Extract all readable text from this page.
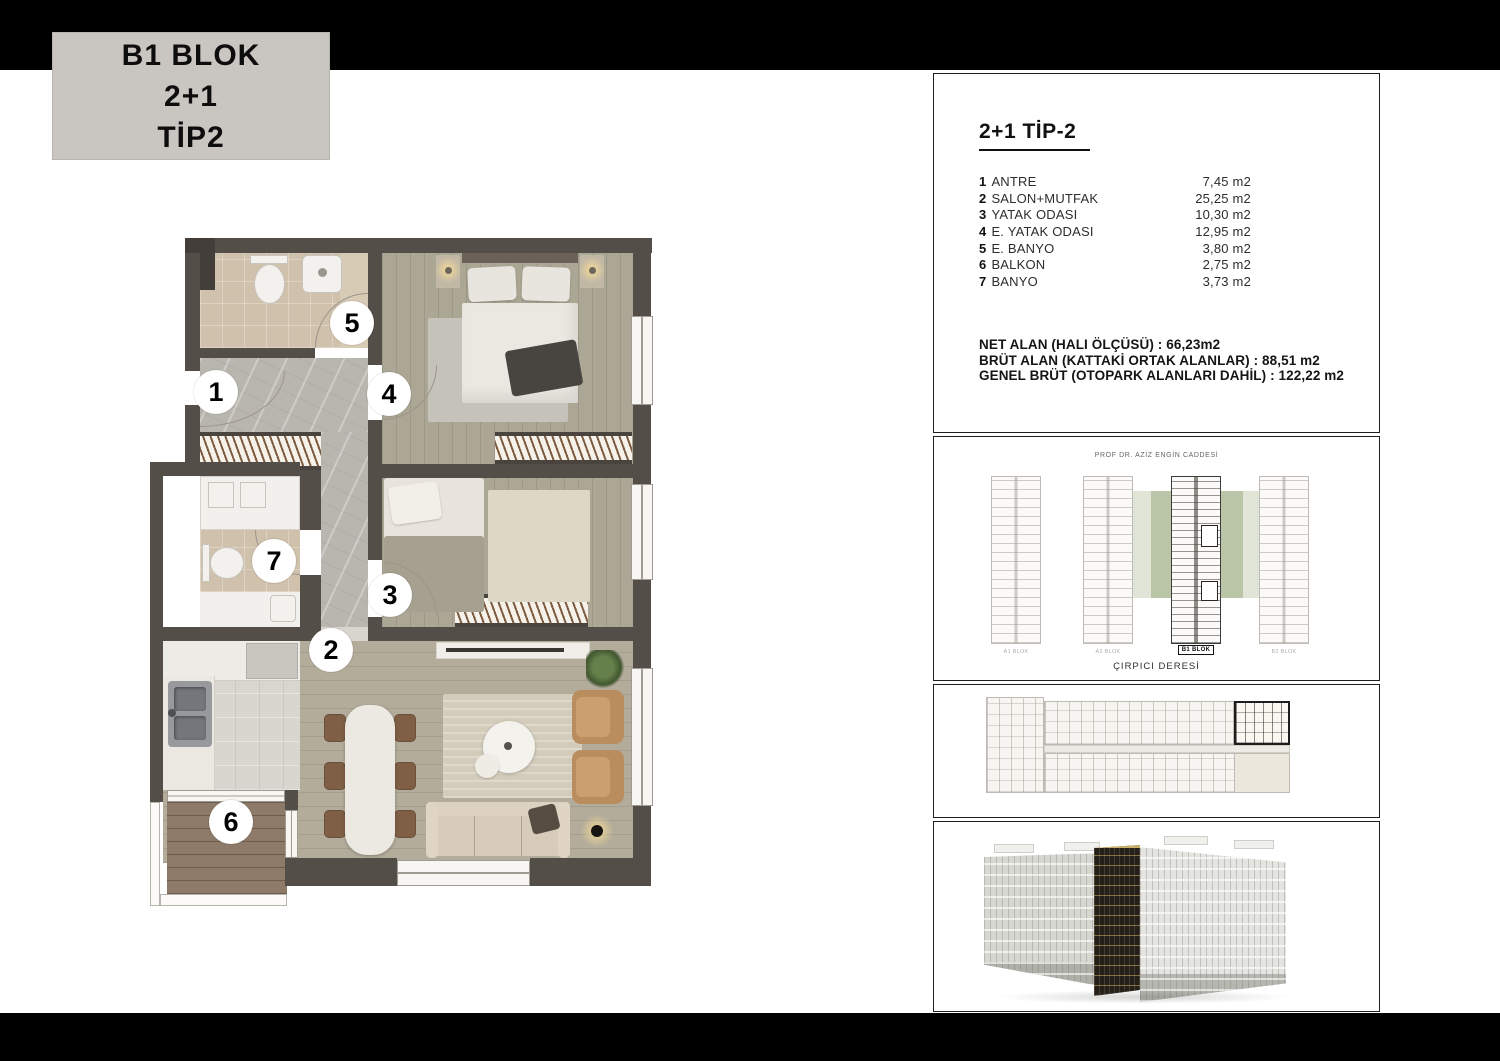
B1 BLOK
2+1
TİP2
1
2
3
4
5
6
7
2+1 TİP-2
1 ANTRE	7,45 m2
2 SALON+MUTFAK	25,25 m2
3 YATAK ODASI	10,30 m2
4 E. YATAK ODASI	12,95 m2
5 E. BANYO	3,80 m2
6 BALKON	2,75 m2
7 BANYO	3,73 m2
NET ALAN (HALI ÖLÇÜSÜ) : 66,23m2
BRÜT ALAN (KATTAKİ ORTAK ALANLAR) : 88,51 m2
GENEL BRÜT (OTOPARK ALANLARI DAHİL) : 122,22 m2
PROF DR. AZİZ ENGİN CADDESİ
A1 BLOK	A2 BLOK	B1 BLOK	B2 BLOK
ÇIRPICI DERESİ
